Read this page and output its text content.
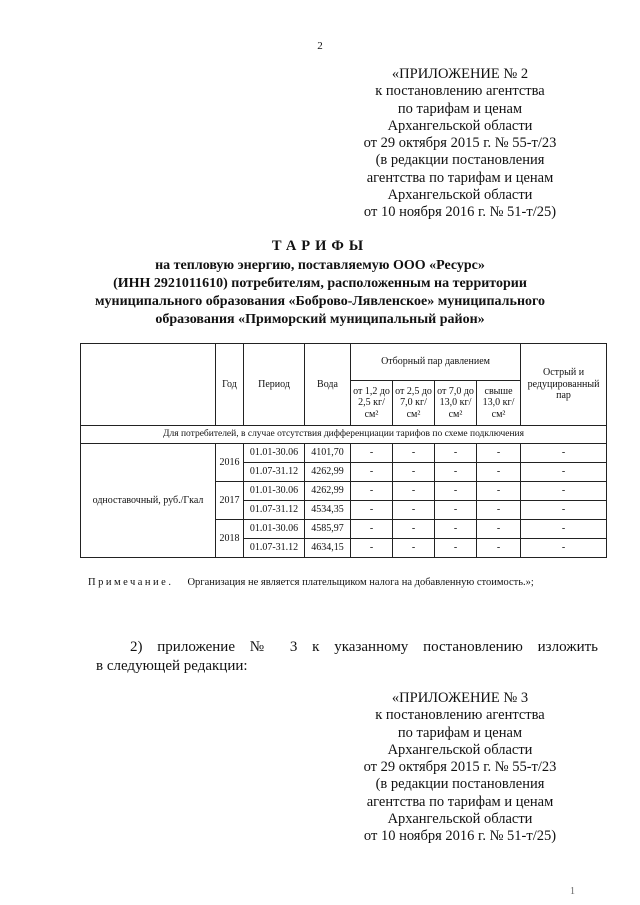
2
«ПРИЛОЖЕНИЕ № 2
к постановлению агентства
по тарифам и ценам
Архангельской области
от 29 октября 2015 г. № 55-т/23
(в редакции постановления
агентства по тарифам и ценам
Архангельской области
от 10 ноября 2016 г. № 51-т/25)
ТАРИФЫ
на тепловую энергию, поставляемую ООО «Ресурс»
(ИНН 2921011610) потребителям, расположенным на территории
муниципального образования «Боброво-Лявленское» муниципального
образования «Приморский муниципальный район»
	Год	Период	Вода	Отборный пар давлением				Острый и редуцированный пар
				от 1,2 до 2,5 кг/см²	от 2,5 до 7,0 кг/см²	от 7,0 до 13,0 кг/см²	свыше 13,0 кг/см²	
Для потребителей, в случае отсутствия дифференциации тарифов по схеме подключения								
одноставочный, руб./Гкал	2016	01.01-30.06	4101,70	-	-	-	-	-
		01.07-31.12	4262,99	-	-	-	-	-
	2017	01.01-30.06	4262,99	-	-	-	-	-
		01.07-31.12	4534,35	-	-	-	-	-
	2018	01.01-30.06	4585,97	-	-	-	-	-
		01.07-31.12	4634,15	-	-	-	-	-
Примечание. Организация не является плательщиком налога на добавленную стоимость.»;
2) приложение № 3 к указанному постановлению изложить
в следующей редакции:
«ПРИЛОЖЕНИЕ № 3
к постановлению агентства
по тарифам и ценам
Архангельской области
от 29 октября 2015 г. № 55-т/23
(в редакции постановления
агентства по тарифам и ценам
Архангельской области
от 10 ноября 2016 г. № 51-т/25)
1
